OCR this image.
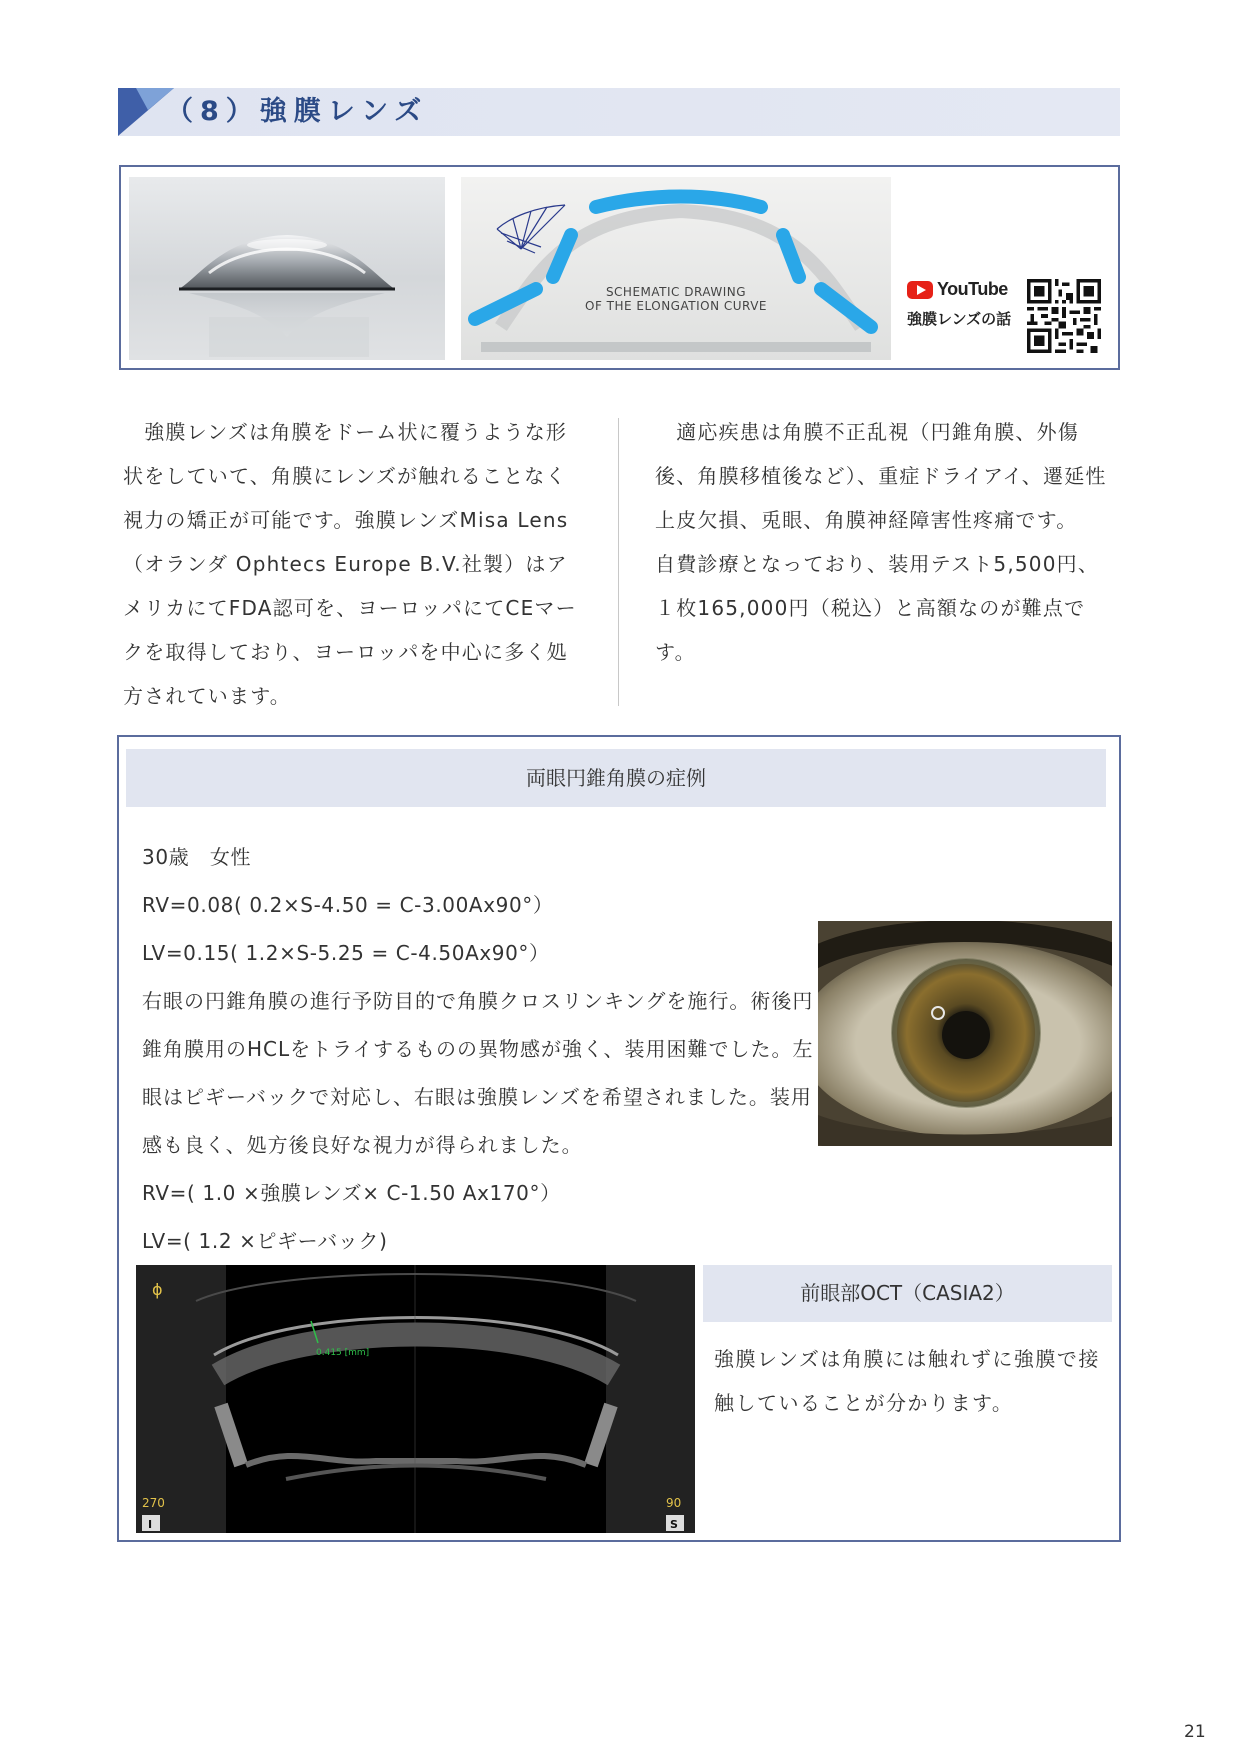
（8）強膜レンズ
SCHEMATIC DRAWING
OF THE ELONGATION CURVE
YouTube
強膜レンズの話

　強膜レンズは角膜をドーム状に覆うような形状をしていて、角膜にレンズが触れることなく視力の矯正が可能です。強膜レンズMisa Lens（オランダ Ophtecs Europe B.V.社製）はアメリカにてFDA認可を、ヨーロッパにてCEマークを取得しており、ヨーロッパを中心に多く処方されています。

　適応疾患は角膜不正乱視（円錐角膜、外傷後、角膜移植後など）、重症ドライアイ、遷延性上皮欠損、兎眼、角膜神経障害性疼痛です。

自費診療となっており、装用テスト5,500円、１枚165,000円（税込）と高額なのが難点です。

両眼円錐角膜の症例
30歳　女性
RV=0.08( 0.2×S-4.50 = C-3.00Ax90°）
LV=0.15( 1.2×S-5.25 = C-4.50Ax90°）
右眼の円錐角膜の進行予防目的で角膜クロスリンキングを施行。術後円錐角膜用のHCLをトライするものの異物感が強く、装用困難でした。左眼はピギーバックで対応し、右眼は強膜レンズを希望されました。装用感も良く、処方後良好な視力が得られました。
RV=( 1.0 ×強膜レンズ× C-1.50 Ax170°）
LV=( 1.2 ×ピギーバック)
0.415 [mm]
270	90
I	S
ϕ	前眼部OCT（CASIA2）
強膜レンズは角膜には触れずに強膜で接触していることが分かります。
21
